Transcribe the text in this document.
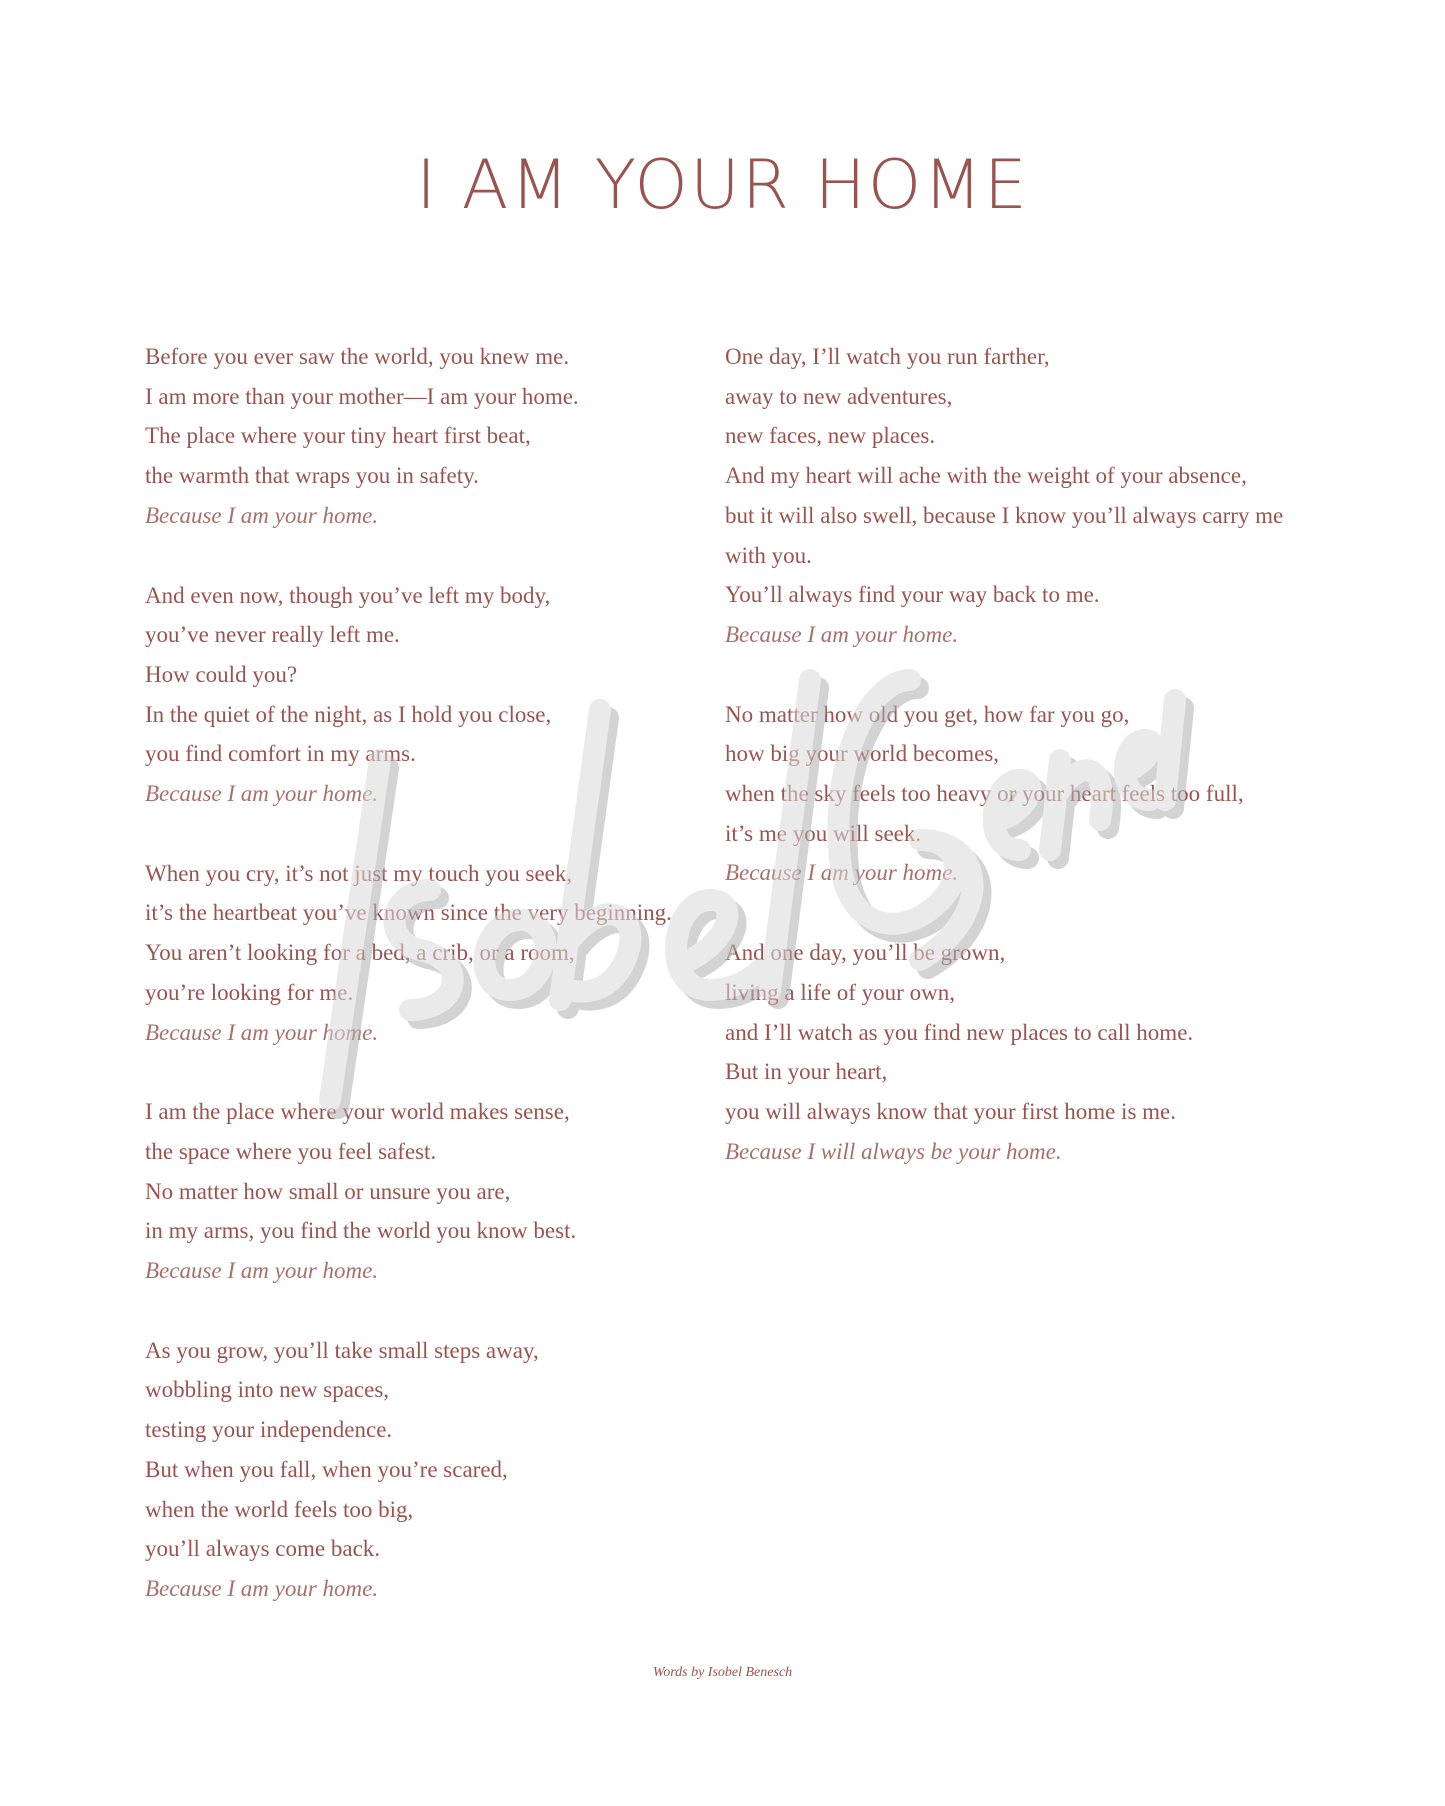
I AM YOUR HOME
Before you ever saw the world, you knew me.
I am more than your mother—I am your home.
The place where your tiny heart first beat,
the warmth that wraps you in safety.
Because I am your home.
And even now, though you’ve left my body,
you’ve never really left me.
How could you?
In the quiet of the night, as I hold you close,
you find comfort in my arms.
Because I am your home.
When you cry, it’s not just my touch you seek,
it’s the heartbeat you’ve known since the very beginning.
You aren’t looking for a bed, a crib, or a room,
you’re looking for me.
Because I am your home.
I am the place where your world makes sense,
the space where you feel safest.
No matter how small or unsure you are,
in my arms, you find the world you know best.
Because I am your home.
As you grow, you’ll take small steps away,
wobbling into new spaces,
testing your independence.
But when you fall, when you’re scared,
when the world feels too big,
you’ll always come back.
Because I am your home.
One day, I’ll watch you run farther,
away to new adventures,
new faces, new places.
And my heart will ache with the weight of your absence,
but it will also swell, because I know you’ll always carry me
with you.
You’ll always find your way back to me.
Because I am your home.
No matter how old you get, how far you go,
how big your world becomes,
when the sky feels too heavy or your heart feels too full,
it’s me you will seek.
Because I am your home.
And one day, you’ll be grown,
living a life of your own,
and I’ll watch as you find new places to call home.
But in your heart,
you will always know that your first home is me.
Because I will always be your home.
Words by Isobel Benesch
